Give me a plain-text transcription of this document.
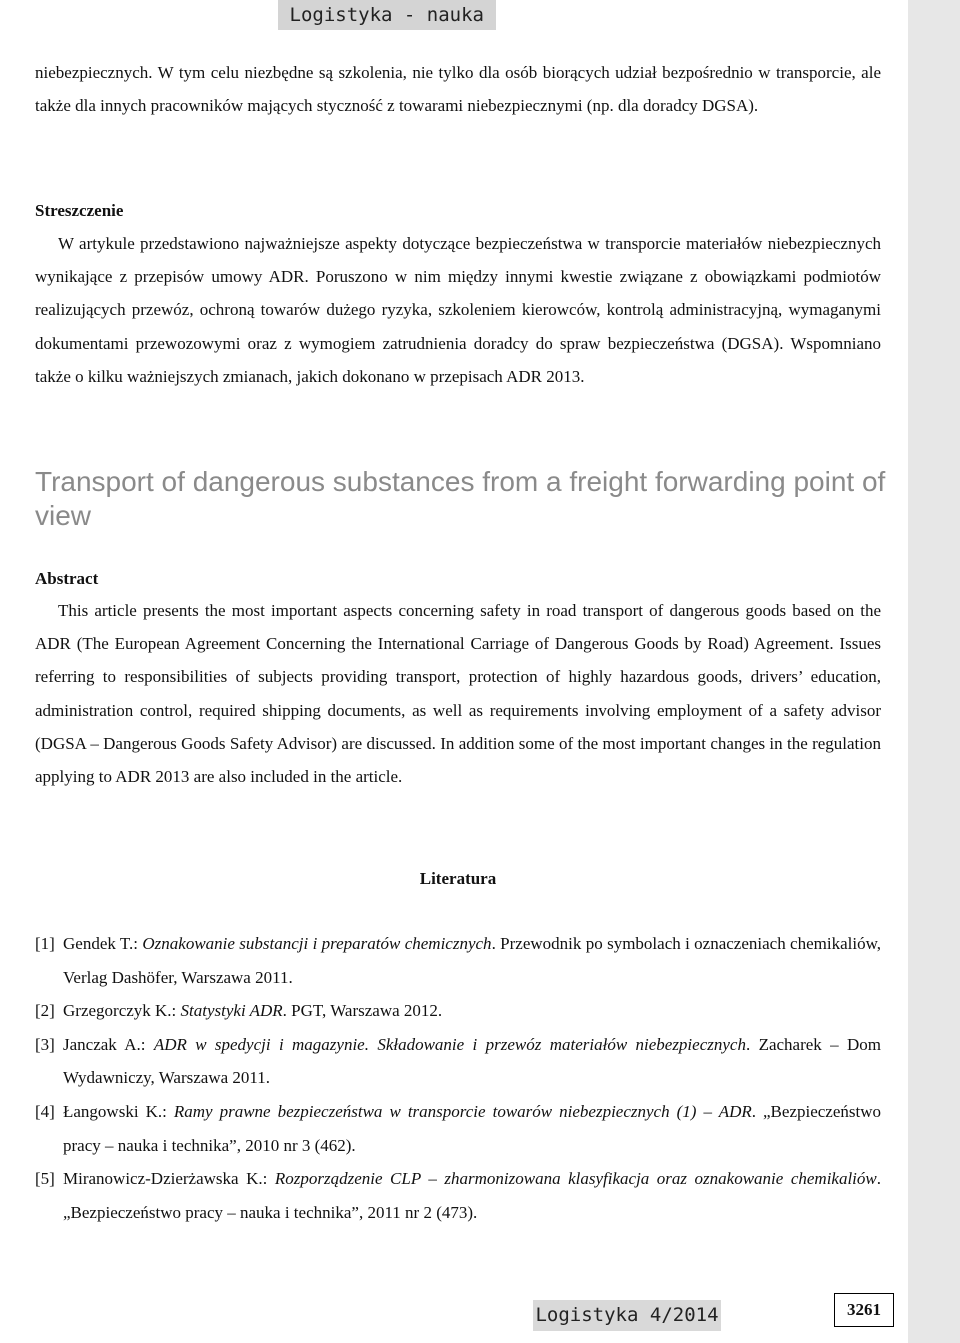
Logistyka - nauka

niebezpiecznych. W tym celu niezbędne są szkolenia, nie tylko dla osób biorących udział bezpośrednio w transporcie, ale także dla innych pracowników mających styczność z towarami niebezpiecznymi (np. dla doradcy DGSA).

Streszczenie

W artykule przedstawiono najważniejsze aspekty dotyczące bezpieczeństwa w transporcie materiałów niebezpiecznych wynikające z przepisów umowy ADR. Poruszono w nim między innymi kwestie związane z obowiązkami podmiotów realizujących przewóz, ochroną towarów dużego ryzyka, szkoleniem kierowców, kontrolą administracyjną, wymaganymi dokumentami przewozowymi oraz z wymogiem zatrudnienia doradcy do spraw bezpieczeństwa (DGSA). Wspomniano także o kilku ważniejszych zmianach, jakich dokonano w przepisach ADR 2013.

Transport of dangerous substances from a freight forwarding point of view
Abstract

This article presents the most important aspects concerning safety in road transport of dangerous goods based on the ADR (The European Agreement Concerning the International Carriage of Dangerous Goods by Road) Agreement. Issues referring to responsibilities of subjects providing transport, protection of highly hazardous goods, drivers’ education, administration control, required shipping documents, as well as requirements involving employment of a safety advisor (DGSA – Dangerous Goods Safety Advisor) are discussed. In addition some of the most important changes in the regulation applying to ADR 2013 are also included in the article.

Literatura
[1] Gendek T.: Oznakowanie substancji i preparatów chemicznych. Przewodnik po symbolach i oznaczeniach chemikaliów, Verlag Dashöfer, Warszawa 2011.
[2] Grzegorczyk K.: Statystyki ADR. PGT, Warszawa 2012.
[3] Janczak A.: ADR w spedycji i magazynie. Składowanie i przewóz materiałów niebezpiecznych. Zacharek – Dom Wydawniczy, Warszawa 2011.
[4] Łangowski K.: Ramy prawne bezpieczeństwa w transporcie towarów niebezpiecznych (1) – ADR. „Bezpieczeństwo pracy – nauka i technika”, 2010 nr 3 (462).
[5] Miranowicz-Dzierżawska K.: Rozporządzenie CLP – zharmonizowana klasyfikacja oraz oznakowanie chemikaliów. „Bezpieczeństwo pracy – nauka i technika”, 2011 nr 2 (473).
Logistyka 4/2014	3261
